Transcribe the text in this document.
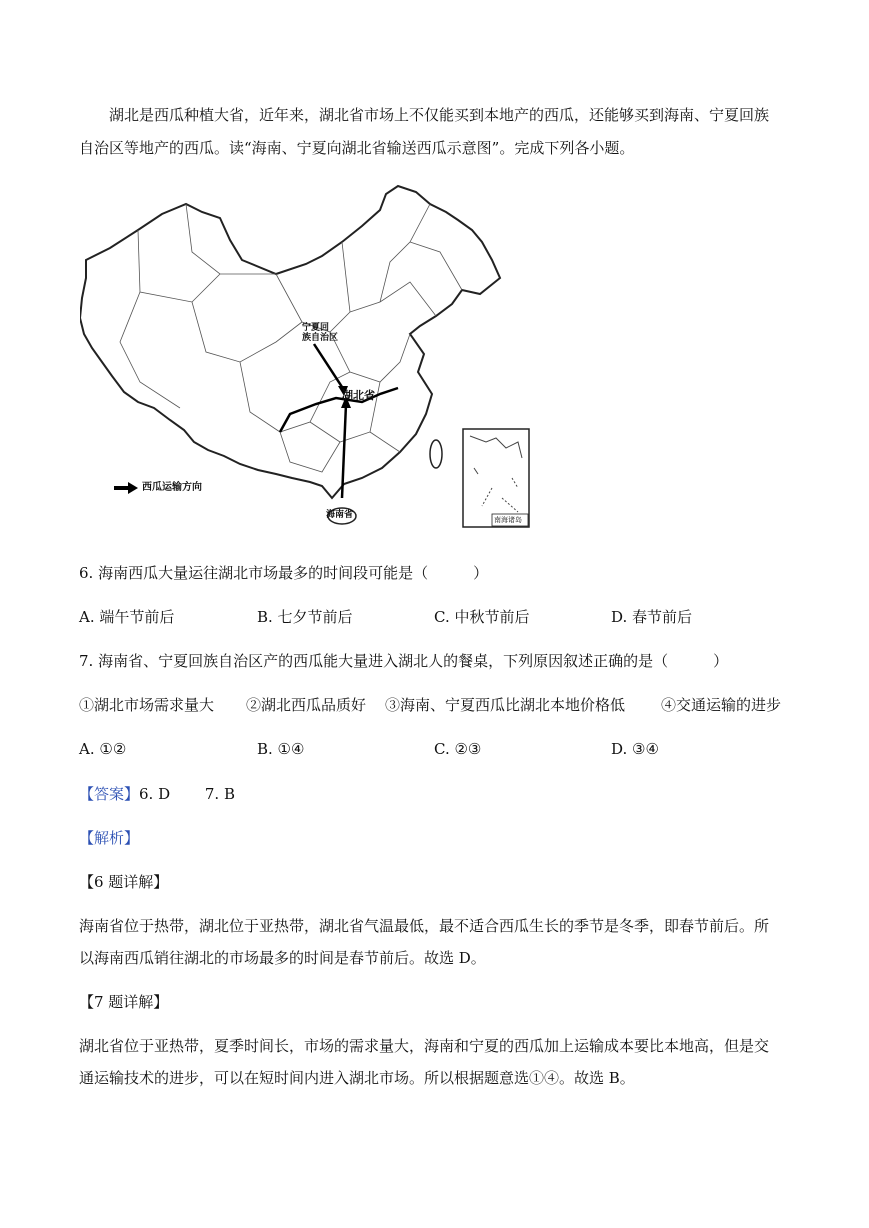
湖北是西瓜种植大省，近年来，湖北省市场上不仅能买到本地产的西瓜，还能够买到海南、宁夏回族
自治区等地产的西瓜。读“海南、宁夏向湖北省输送西瓜示意图”。完成下列各小题。
宁夏回
族自治区
湖北省
海南省
西瓜运输方向
南海诸岛
6. 海南西瓜大量运往湖北市场最多的时间段可能是（　　　）
A. 端午节前后	B. 七夕节前后	C. 中秋节前后	D. 春节前后
7. 海南省、宁夏回族自治区产的西瓜能大量进入湖北人的餐桌，下列原因叙述正确的是（　　　）
①湖北市场需求量大 ②湖北西瓜品质好 ③海南、宁夏西瓜比湖北本地价格低 ④交通运输的进步
A. ①②	B. ①④	C. ②③	D. ③④
【答案】6. D　　 7. B
【解析】
【6 题详解】
海南省位于热带，湖北位于亚热带，湖北省气温最低，最不适合西瓜生长的季节是冬季，即春节前后。所
以海南西瓜销往湖北的市场最多的时间是春节前后。故选 D。
【7 题详解】
湖北省位于亚热带，夏季时间长，市场的需求量大，海南和宁夏的西瓜加上运输成本要比本地高，但是交
通运输技术的进步，可以在短时间内进入湖北市场。所以根据题意选①④。故选 B。
